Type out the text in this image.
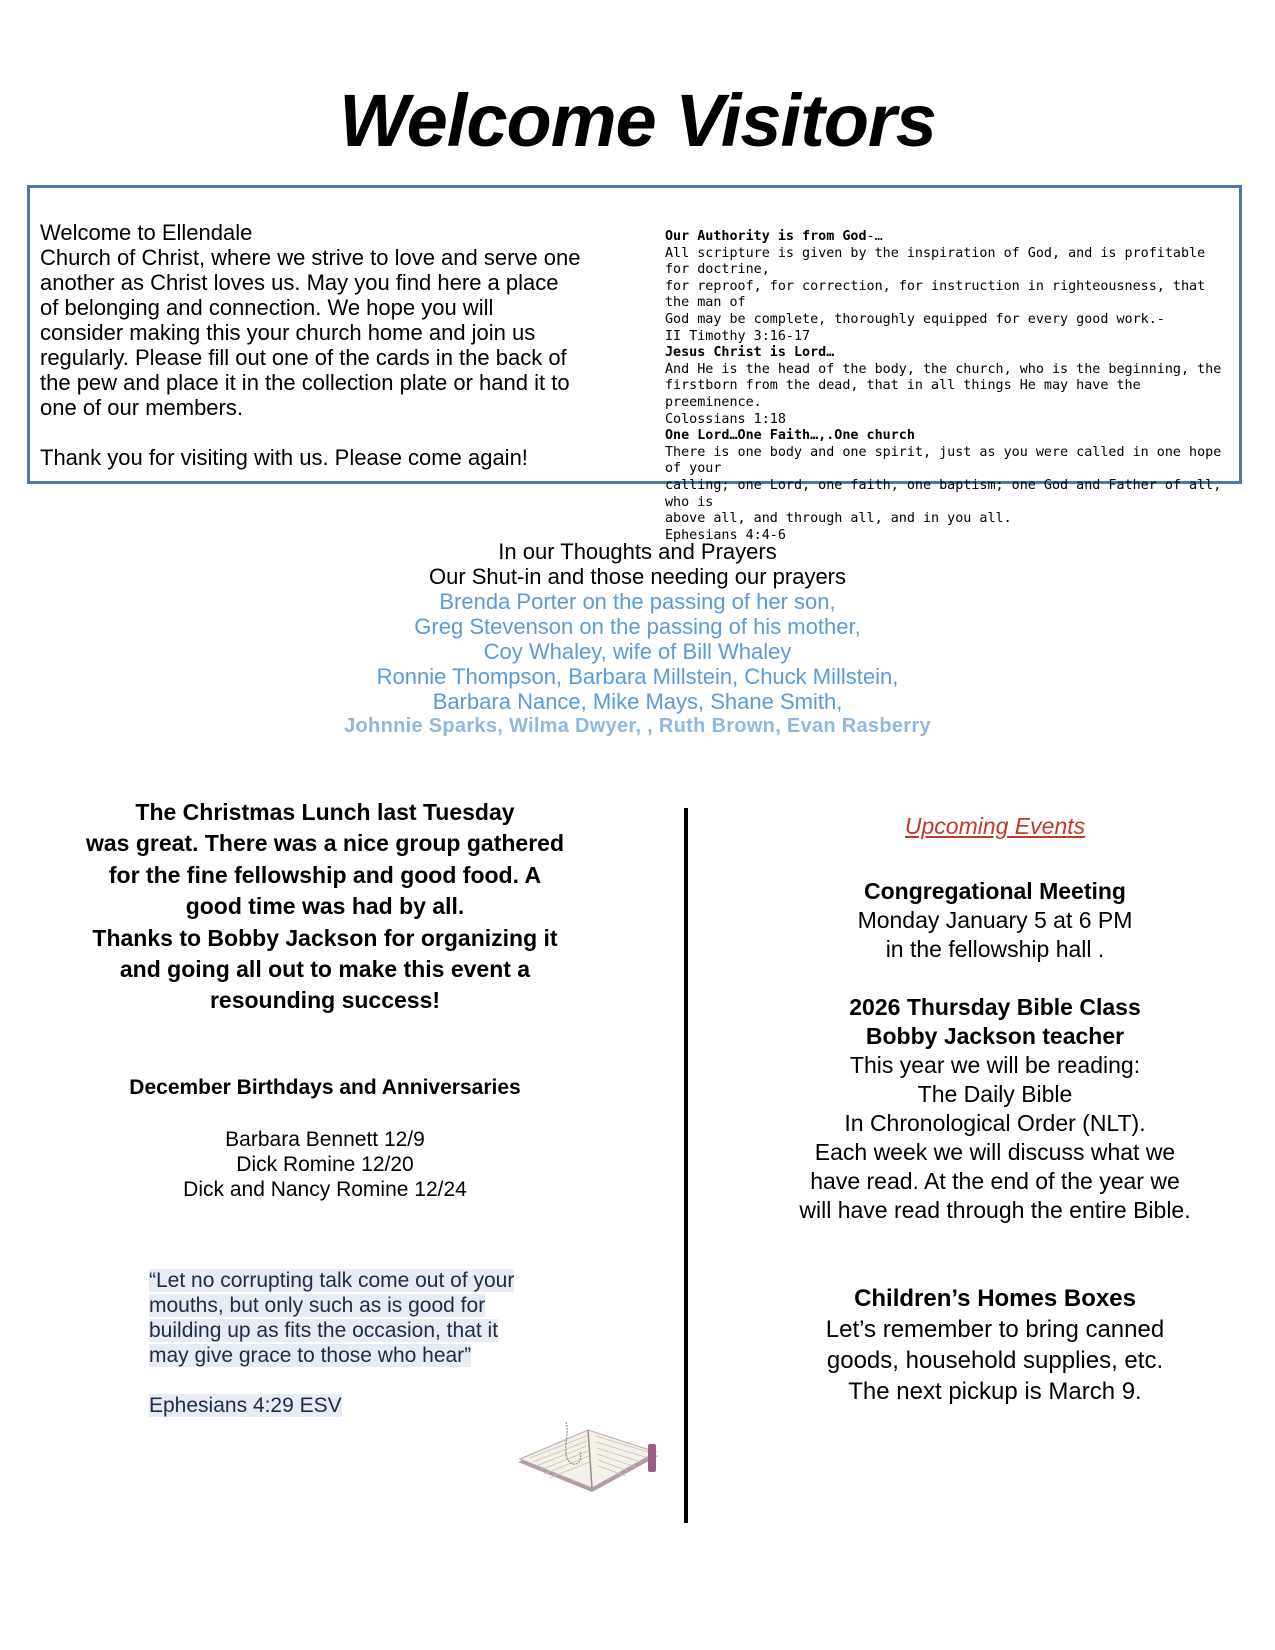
Welcome Visitors

Welcome to Ellendale

Church of Christ, where we strive to love and serve one

another as Christ loves us. May you find here a place

of belonging and connection. We hope you will

consider making this your church home and join us

regularly. Please fill out one of the cards in the back of

the pew and place it in the collection plate or hand it to

one of our members.

Thank you for visiting with us. Please come again!

Our Authority is from God-…
All scripture is given by the inspiration of God, and is profitable for doctrine,
for reproof, for correction, for instruction in righteousness, that the man of
God may be complete, thoroughly equipped for every good work.-
II Timothy 3:16-17
Jesus Christ is Lord…
And He is the head of the body, the church, who is the beginning, the
firstborn from the dead, that in all things He may have the preeminence.
Colossians 1:18
One Lord…One Faith…,.One church
There is one body and one spirit, just as you were called in one hope of your
calling; one Lord, one faith, one baptism; one God and Father of all, who is
above all, and through all, and in you all.
Ephesians 4:4-6
In our Thoughts and Prayers
Our Shut-in and those needing our prayers
Brenda Porter on the passing of her son,
Greg Stevenson on the passing of his mother,
Coy Whaley, wife of Bill Whaley
Ronnie Thompson, Barbara Millstein, Chuck Millstein,
Barbara Nance, Mike Mays, Shane Smith,
Johnnie Sparks, Wilma Dwyer, , Ruth Brown, Evan Rasberry
The Christmas Lunch last Tuesday
was great. There was a nice group gathered
for the fine fellowship and good food. A
good time was had by all.
Thanks to Bobby Jackson for organizing it
and going all out to make this event a
resounding success!
December Birthdays and Anniversaries
Barbara Bennett 12/9
Dick Romine 12/20
Dick and Nancy Romine 12/24
“Let no corrupting talk come out of your
mouths, but only such as is good for
building up as fits the occasion, that it
may give grace to those who hear”
Ephesians 4:29 ESV
Upcoming Events
Congregational Meeting
Monday January 5 at 6 PM
in the fellowship hall .
2026 Thursday Bible Class
Bobby Jackson teacher
This year we will be reading:
The Daily Bible
In Chronological Order (NLT).
Each week we will discuss what we
have read. At the end of the year we
will have read through the entire Bible.
Children’s Homes Boxes
Let’s remember to bring canned
goods, household supplies, etc.
The next pickup is March 9.
